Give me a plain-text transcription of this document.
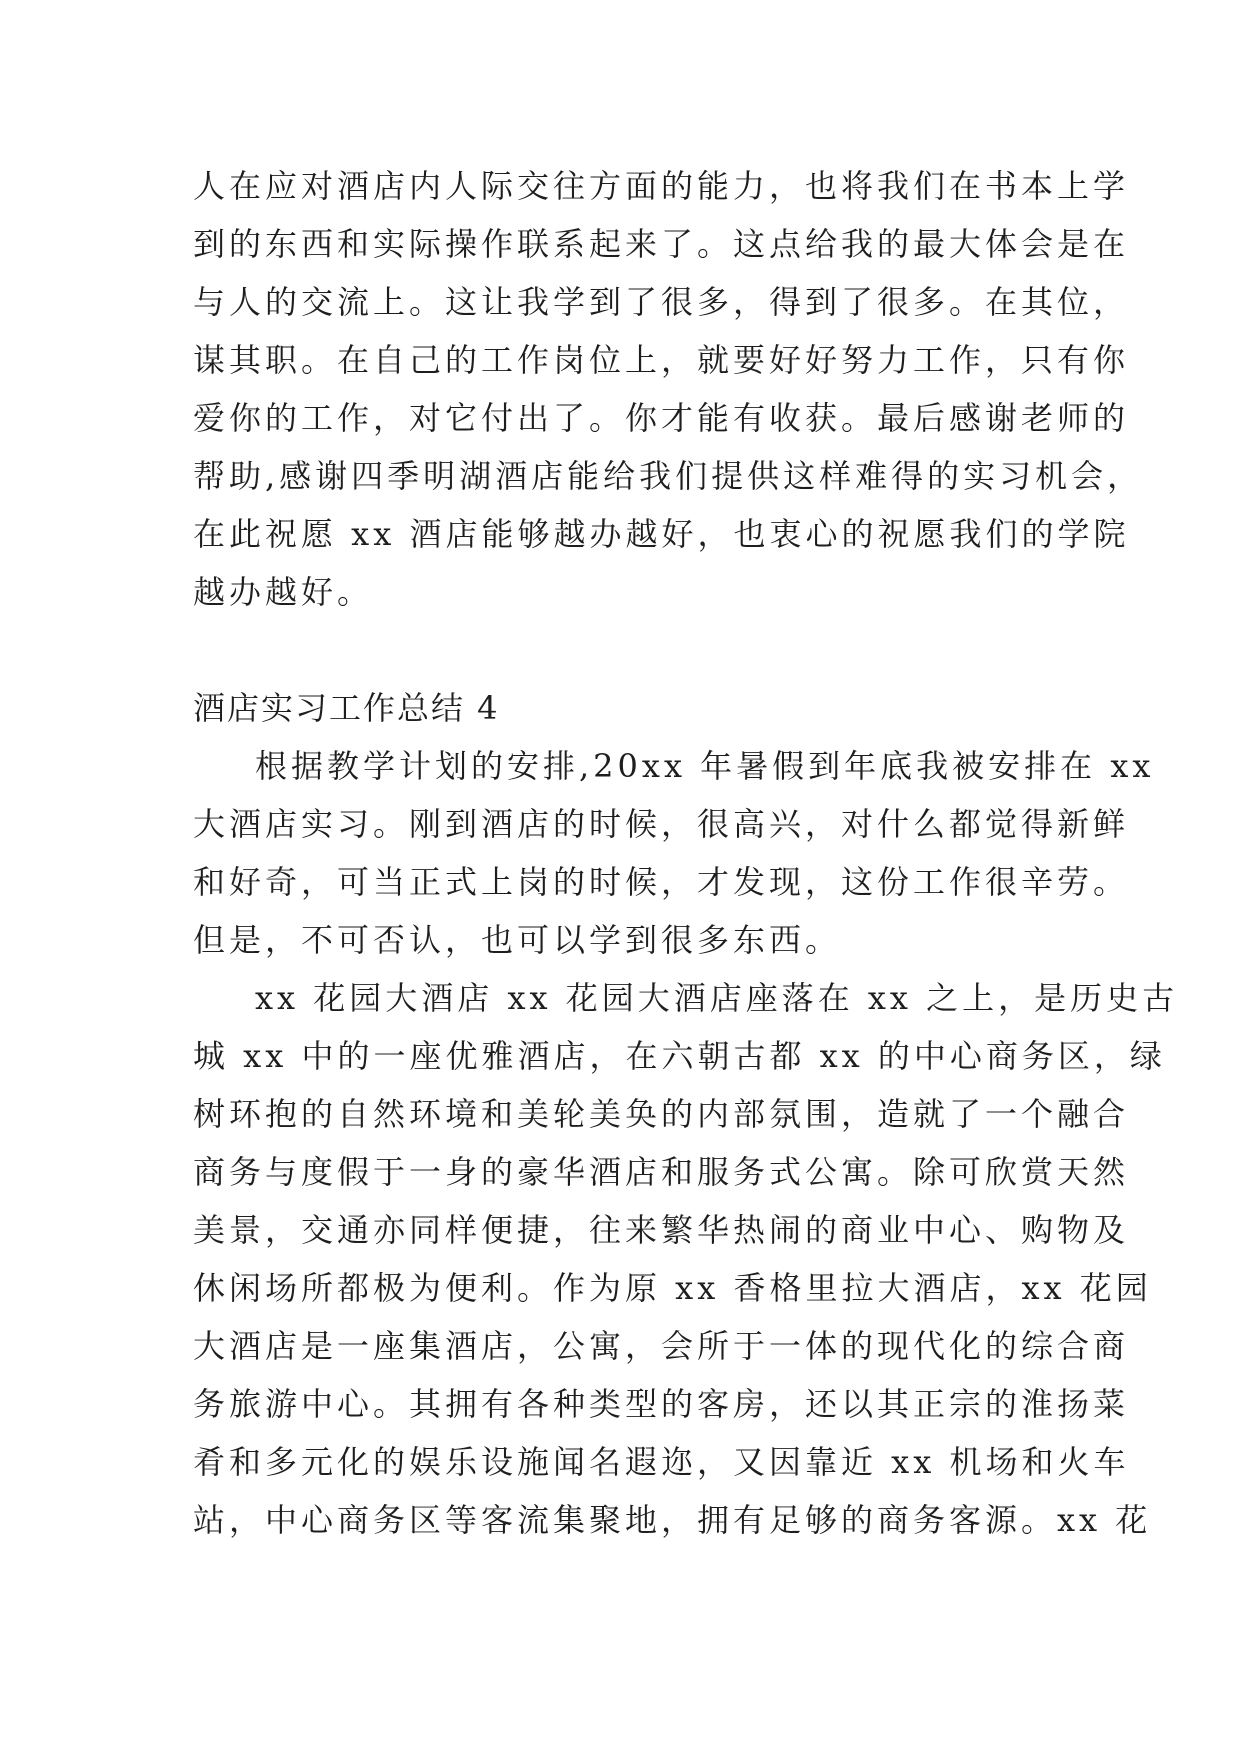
人在应对酒店内人际交往方面的能力，也将我们在书本上学
到的东西和实际操作联系起来了。这点给我的最大体会是在
与人的交流上。这让我学到了很多，得到了很多。在其位，
谋其职。在自己的工作岗位上，就要好好努力工作，只有你
爱你的工作，对它付出了。你才能有收获。最后感谢老师的
帮助,感谢四季明湖酒店能给我们提供这样难得的实习机会，
在此祝愿 xx 酒店能够越办越好，也衷心的祝愿我们的学院
越办越好。
酒店实习工作总结 4
根据教学计划的安排,20xx 年暑假到年底我被安排在 xx
大酒店实习。刚到酒店的时候，很高兴，对什么都觉得新鲜
和好奇，可当正式上岗的时候，才发现，这份工作很辛劳。
但是，不可否认，也可以学到很多东西。
xx 花园大酒店 xx 花园大酒店座落在 xx 之上，是历史古
城 xx 中的一座优雅酒店，在六朝古都 xx 的中心商务区，绿
树环抱的自然环境和美轮美奂的内部氛围，造就了一个融合
商务与度假于一身的豪华酒店和服务式公寓。除可欣赏天然
美景，交通亦同样便捷，往来繁华热闹的商业中心、购物及
休闲场所都极为便利。作为原 xx 香格里拉大酒店，xx 花园
大酒店是一座集酒店，公寓，会所于一体的现代化的综合商
务旅游中心。其拥有各种类型的客房，还以其正宗的淮扬菜
肴和多元化的娱乐设施闻名遐迩，又因靠近 xx 机场和火车
站，中心商务区等客流集聚地，拥有足够的商务客源。xx 花
